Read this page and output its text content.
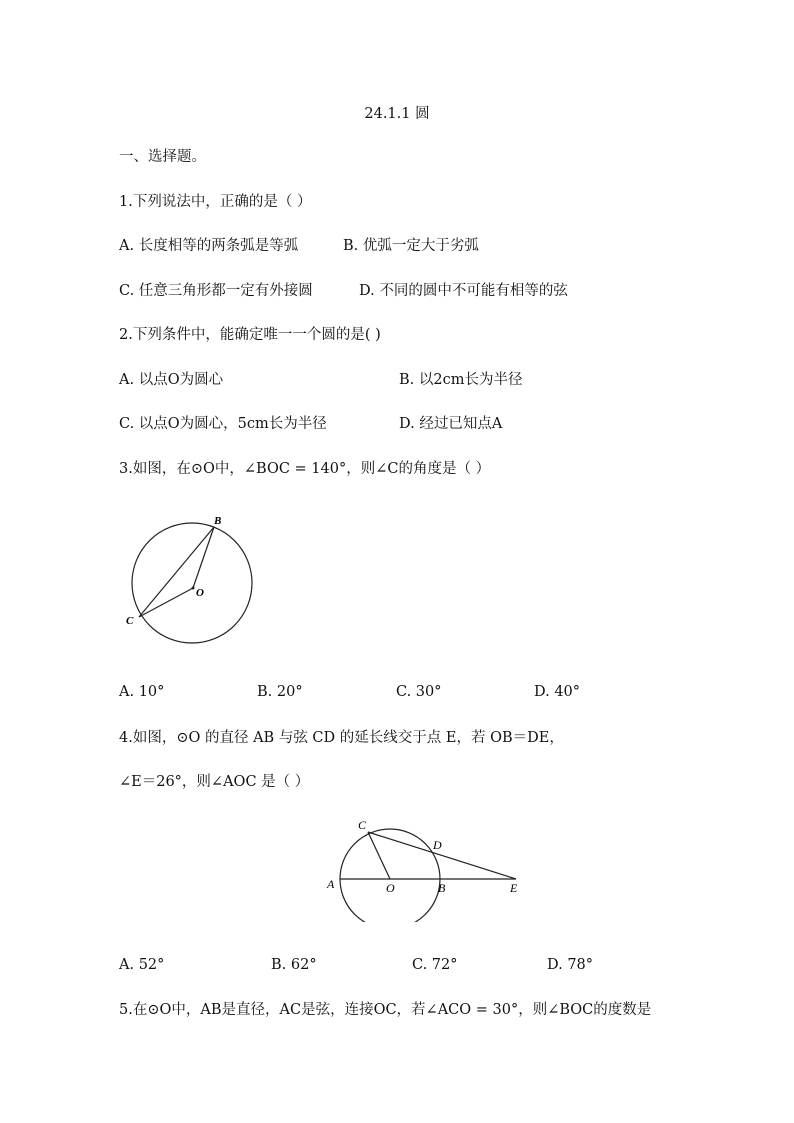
24.1.1 圆
一、选择题。
1.下列说法中，正确的是（ ）
A. 长度相等的两条弧是等弧	B. 优弧一定大于劣弧
C. 任意三角形都一定有外接圆	D. 不同的圆中不可能有相等的弦
2.下列条件中，能确定唯一一个圆的是( )
A. 以点O为圆心	B. 以2cm长为半径
C. 以点O为圆心，5cm长为半径	D. 经过已知点A
3.如图，在⊙O中，∠BOC = 140°，则∠C的角度是（ ）
B
O
C
A. 10°	B. 20°	C. 30°	D. 40°
4.如图，⊙O 的直径 AB 与弦 CD 的延长线交于点 E，若 OB＝DE，
∠E＝26°，则∠AOC 是（ ）
C
D
A	O	B	E
A. 52°	B. 62°	C. 72°	D. 78°
5.在⊙O中，AB是直径，AC是弦，连接OC，若∠ACO = 30°，则∠BOC的度数是
